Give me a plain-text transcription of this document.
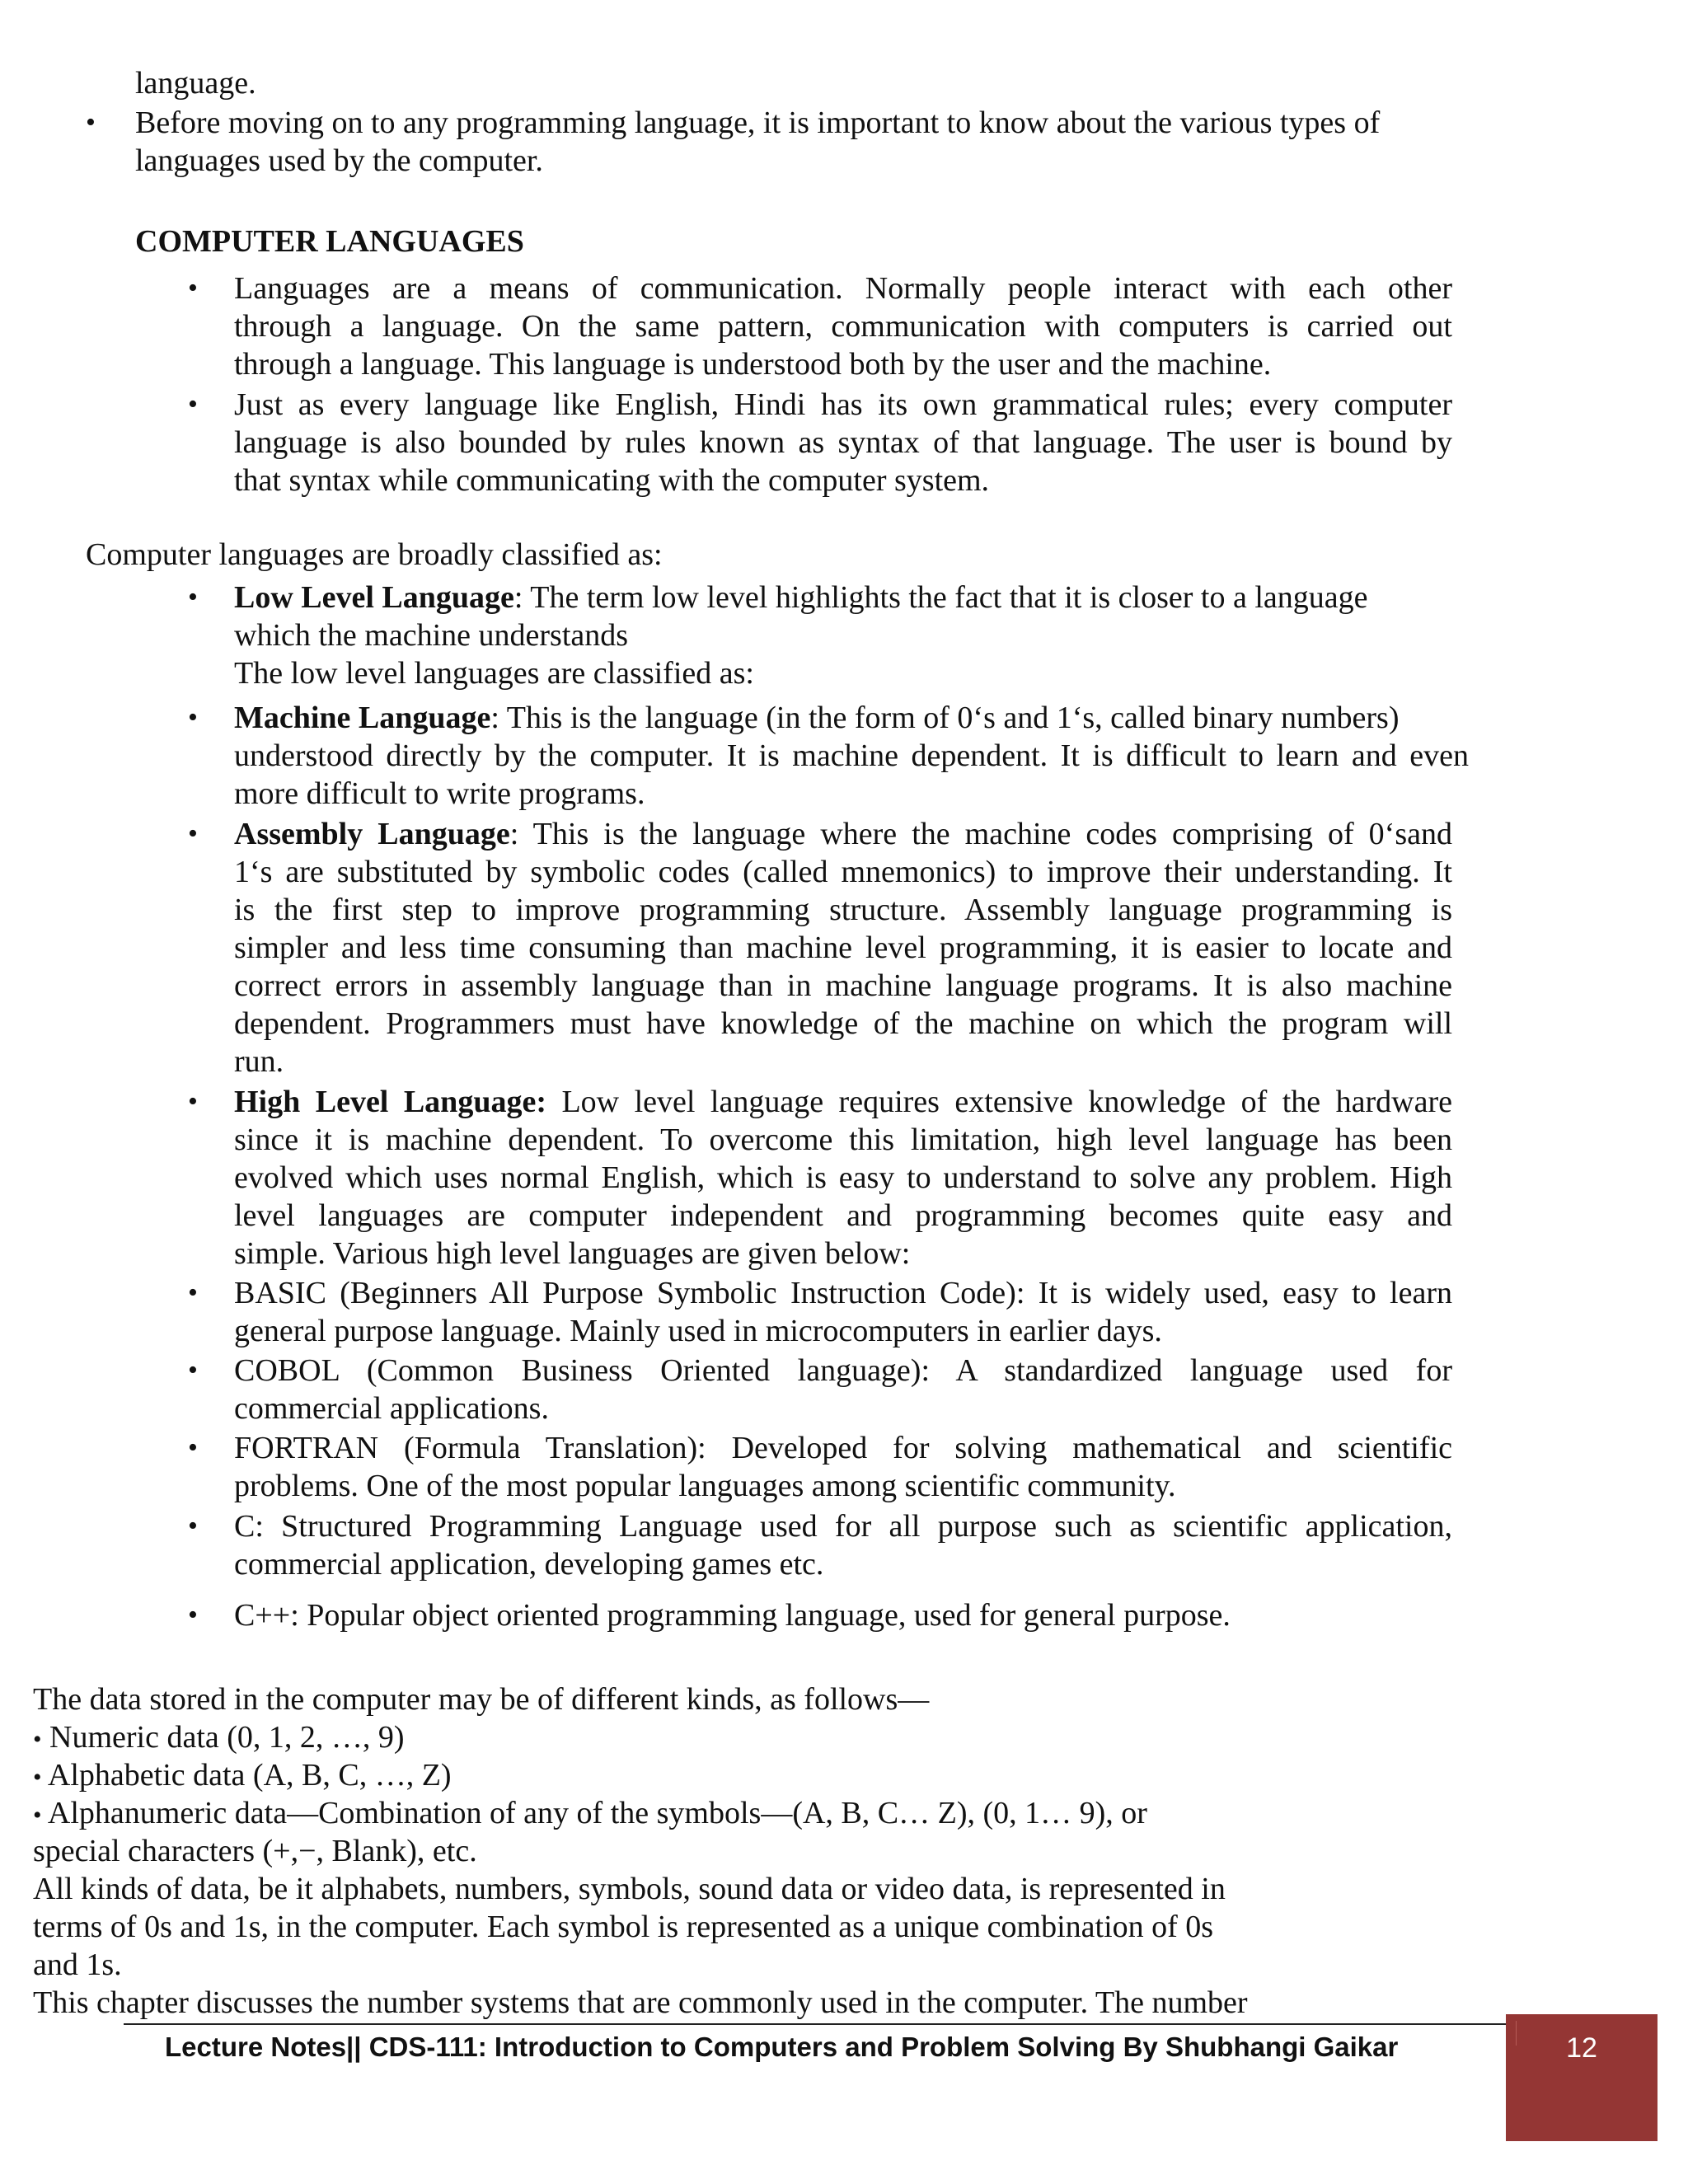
language.
• Before moving on to any programming language, it is important to know about the various types of
languages used by the computer.
COMPUTER LANGUAGES
• Languages are a means of communication. Normally people interact with each other
through a language. On the same pattern, communication with computers is carried out
through a language. This language is understood both by the user and the machine.
• Just as every language like English, Hindi has its own grammatical rules; every computer
language is also bounded by rules known as syntax of that language. The user is bound by
that syntax while communicating with the computer system.
Computer languages are broadly classified as:
• Low Level Language: The term low level highlights the fact that it is closer to a language
which the machine understands
The low level languages are classified as:
• Machine Language: This is the language (in the form of 0‘s and 1‘s, called binary numbers)
understood directly by the computer. It is machine dependent. It is difficult to learn and even
more difficult to write programs.
• Assembly Language: This is the language where the machine codes comprising of 0‘sand
1‘s are substituted by symbolic codes (called mnemonics) to improve their understanding. It
is the first step to improve programming structure. Assembly language programming is
simpler and less time consuming than machine level programming, it is easier to locate and
correct errors in assembly language than in machine language programs. It is also machine
dependent. Programmers must have knowledge of the machine on which the program will
run.
• High Level Language: Low level language requires extensive knowledge of the hardware
since it is machine dependent. To overcome this limitation, high level language has been
evolved which uses normal English, which is easy to understand to solve any problem. High
level languages are computer independent and programming becomes quite easy and
simple. Various high level languages are given below:
• BASIC (Beginners All Purpose Symbolic Instruction Code): It is widely used, easy to learn
general purpose language. Mainly used in microcomputers in earlier days.
• COBOL (Common Business Oriented language): A standardized language used for
commercial applications.
• FORTRAN (Formula Translation): Developed for solving mathematical and scientific
problems. One of the most popular languages among scientific community.
• C: Structured Programming Language used for all purpose such as scientific application,
commercial application, developing games etc.
• C++: Popular object oriented programming language, used for general purpose.
The data stored in the computer may be of different kinds, as follows—
• Numeric data (0, 1, 2, …, 9)
• Alphabetic data (A, B, C, …, Z)
• Alphanumeric data—Combination of any of the symbols—(A, B, C… Z), (0, 1… 9), or
special characters (+,−, Blank), etc.
All kinds of data, be it alphabets, numbers, symbols, sound data or video data, is represented in
terms of 0s and 1s, in the computer. Each symbol is represented as a unique combination of 0s
and 1s.
This chapter discusses the number systems that are commonly used in the computer. The number
Lecture Notes|| CDS-111: Introduction to Computers and Problem Solving By Shubhangi Gaikar	12
